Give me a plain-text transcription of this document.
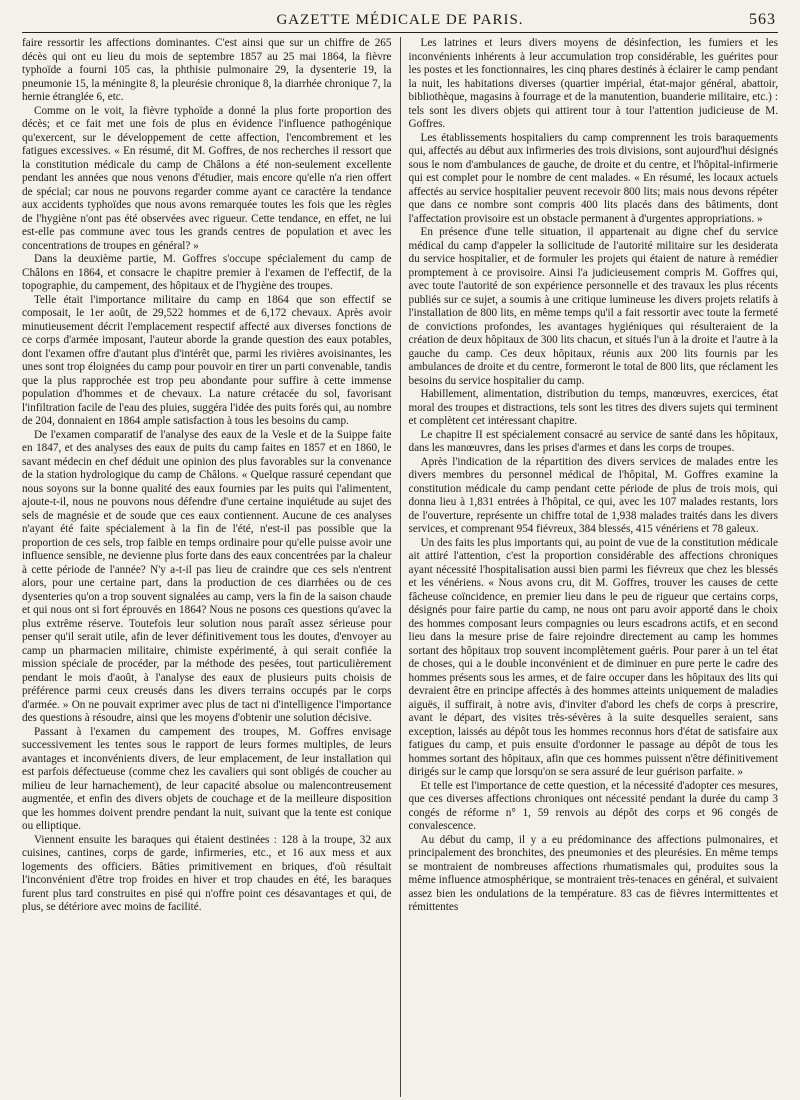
GAZETTE MÉDICALE DE PARIS.	563

faire ressortir les affections dominantes. C'est ainsi que sur un chiffre de 265 décès qui ont eu lieu du mois de septembre 1857 au 25 mai 1864, la fièvre typhoïde a fourni 105 cas, la phthisie pulmonaire 29, la dysenterie 19, la pneumonie 15, la méningite 8, la pleurésie chronique 8, la diarrhée chronique 7, la hernie étranglée 6, etc.

Comme on le voit, la fièvre typhoïde a donné la plus forte proportion des décès; et ce fait met une fois de plus en évidence l'influence pathogénique qu'exercent, sur le développement de cette affection, l'encombrement et les fatigues excessives. « En résumé, dit M. Goffres, de nos recherches il ressort que la constitution médicale du camp de Châlons a été non-seulement excellente pendant les années que nous venons d'étudier, mais encore qu'elle n'a rien offert de spécial; car nous ne pouvons regarder comme ayant ce caractère la tendance aux accidents typhoïdes que nous avons remarquée toutes les fois que les règles de l'hygiène n'ont pas été observées avec rigueur. Cette tendance, en effet, ne lui est-elle pas commune avec tous les grands centres de population et avec les concentrations de troupes en général? »

Dans la deuxième partie, M. Goffres s'occupe spécialement du camp de Châlons en 1864, et consacre le chapitre premier à l'examen de l'effectif, de la topographie, du campement, des hôpitaux et de l'hygiène des troupes.

Telle était l'importance militaire du camp en 1864 que son effectif se composait, le 1er août, de 29,522 hommes et de 6,172 chevaux. Après avoir minutieusement décrit l'emplacement respectif affecté aux diverses fonctions de ce corps d'armée imposant, l'auteur aborde la grande question des eaux potables, dont l'examen offre d'autant plus d'intérêt que, parmi les rivières avoisinantes, les unes sont trop éloignées du camp pour pouvoir en tirer un parti convenable, tandis que la plus rapprochée est trop peu abondante pour suffire à cette immense population d'hommes et de chevaux. La nature crétacée du sol, favorisant l'infiltration facile de l'eau des pluies, suggéra l'idée des puits forés qui, au nombre de 204, donnaient en 1864 ample satisfaction à tous les besoins du camp.

De l'examen comparatif de l'analyse des eaux de la Vesle et de la Suippe faite en 1847, et des analyses des eaux de puits du camp faites en 1857 et en 1860, le savant médecin en chef déduit une opinion des plus favorables sur la convenance de la station hydrologique du camp de Châlons. « Quelque rassuré cependant que nous soyons sur la bonne qualité des eaux fournies par les puits qui l'alimentent, ajoute-t-il, nous ne pouvons nous défendre d'une certaine inquiétude au sujet des sels de magnésie et de soude que ces eaux contiennent. Aucune de ces analyses n'ayant été faite spécialement à la fin de l'été, n'est-il pas possible que la proportion de ces sels, trop faible en temps ordinaire pour qu'elle puisse avoir une influence sensible, ne devienne plus forte dans des eaux concentrées par la chaleur à cette période de l'année? N'y a-t-il pas lieu de craindre que ces sels n'entrent alors, pour une certaine part, dans la production de ces diarrhées ou de ces dysenteries qu'on a trop souvent signalées au camp, vers la fin de la saison chaude et qui nous ont si fort éprouvés en 1864? Nous ne posons ces questions qu'avec la plus extrême réserve. Toutefois leur solution nous paraît assez sérieuse pour penser qu'il serait utile, afin de lever définitivement tous les doutes, d'envoyer au camp un pharmacien militaire, chimiste expérimenté, à qui serait confiée la mission spéciale de procéder, par la méthode des pesées, tout particulièrement pendant le mois d'août, à l'analyse des eaux de plusieurs puits choisis de préférence parmi ceux creusés dans les divers terrains occupés par le corps d'armée. » On ne pouvait exprimer avec plus de tact ni d'intelligence l'importance des questions à résoudre, ainsi que les moyens d'obtenir une solution décisive.

Passant à l'examen du campement des troupes, M. Goffres envisage successivement les tentes sous le rapport de leurs formes multiples, de leurs avantages et inconvénients divers, de leur emplacement, de leur installation qui est parfois défectueuse (comme chez les cavaliers qui sont obligés de coucher au milieu de leur harnachement), de leur capacité absolue ou malencontreusement augmentée, et enfin des divers objets de couchage et de la meilleure disposition que les hommes doivent prendre pendant la nuit, suivant que la tente est conique ou elliptique.

Viennent ensuite les baraques qui étaient destinées : 128 à la troupe, 32 aux cuisines, cantines, corps de garde, infirmeries, etc., et 16 aux mess et aux logements des officiers. Bâties primitivement en briques, d'où résultait l'inconvénient d'être trop froides en hiver et trop chaudes en été, les baraques furent plus tard construites en pisé qui n'offre point ces désavantages et qui, de plus, se détériore avec moins de facilité.

Les latrines et leurs divers moyens de désinfection, les fumiers et les inconvénients inhérents à leur accumulation trop considérable, les guérites pour les postes et les fonctionnaires, les cinq phares destinés à éclairer le camp pendant la nuit, les habitations diverses (quartier impérial, état-major général, abattoir, bibliothèque, magasins à fourrage et de la manutention, buanderie militaire, etc.) : tels sont les divers objets qui attirent tour à tour l'attention judicieuse de M. Goffres.

Les établissements hospitaliers du camp comprennent les trois baraquements qui, affectés au début aux infirmeries des trois divisions, sont aujourd'hui désignés sous le nom d'ambulances de gauche, de droite et du centre, et l'hôpital-infirmerie qui est complet pour le nombre de cent malades. « En résumé, les locaux actuels affectés au service hospitalier peuvent recevoir 800 lits; mais nous devons répéter que dans ce nombre sont compris 400 lits placés dans des bâtiments, dont l'affectation provisoire est un obstacle permanent à d'urgentes appropriations. »

En présence d'une telle situation, il appartenait au digne chef du service médical du camp d'appeler la sollicitude de l'autorité militaire sur les desiderata du service hospitalier, et de formuler les projets qui étaient de nature à remédier promptement à ce provisoire. Ainsi l'a judicieusement compris M. Goffres qui, avec toute l'autorité de son expérience personnelle et des travaux les plus récents publiés sur ce sujet, a soumis à une critique lumineuse les divers projets relatifs à l'installation de 800 lits, en même temps qu'il a fait ressortir avec toute la fermeté de convictions profondes, les avantages hygiéniques qui résulteraient de la création de deux hôpitaux de 300 lits chacun, et situés l'un à la droite et l'autre à la gauche du camp. Ces deux hôpitaux, réunis aux 200 lits fournis par les ambulances de droite et du centre, formeront le total de 800 lits, que réclament les besoins du service hospitalier du camp.

Habillement, alimentation, distribution du temps, manœuvres, exercices, état moral des troupes et distractions, tels sont les titres des divers sujets qui terminent et complètent cet intéressant chapitre.

Le chapitre II est spécialement consacré au service de santé dans les hôpitaux, dans les manœuvres, dans les prises d'armes et dans les corps de troupes.

Après l'indication de la répartition des divers services de malades entre les divers membres du personnel médical de l'hôpital, M. Goffres examine la constitution médicale du camp pendant cette période de plus de trois mois, qui donna lieu à 1,831 entrées à l'hôpital, ce qui, avec les 107 malades restants, lors de l'ouverture, représente un chiffre total de 1,938 malades traités dans les divers services, et comprenant 954 fiévreux, 384 blessés, 415 vénériens et 78 galeux.

Un des faits les plus importants qui, au point de vue de la constitution médicale ait attiré l'attention, c'est la proportion considérable des affections chroniques ayant nécessité l'hospitalisation aussi bien parmi les fiévreux que chez les blessés et les vénériens. « Nous avons cru, dit M. Goffres, trouver les causes de cette fâcheuse coïncidence, en premier lieu dans le peu de rigueur que certains corps, désignés pour faire partie du camp, ne nous ont paru avoir apporté dans le choix des hommes composant leurs compagnies ou leurs escadrons actifs, et en second lieu dans la mesure prise de faire rejoindre directement au camp les hommes sortant des hôpitaux trop souvent incomplètement guéris. Pour parer à un tel état de choses, qui a le double inconvénient et de diminuer en pure perte le cadre des hommes présents sous les armes, et de faire occuper dans les hôpitaux des lits qui devraient être en principe affectés à des hommes atteints uniquement de maladies aiguës, il suffirait, à notre avis, d'inviter d'abord les chefs de corps à prescrire, avant le départ, des visites très-sévères à la suite desquelles seraient, sans exception, laissés au dépôt tous les hommes reconnus hors d'état de satisfaire aux fatigues du camp, et puis ensuite d'ordonner le passage au dépôt de tous les hommes sortant des hôpitaux, afin que ces hommes puissent n'être définitivement dirigés sur le camp que lorsqu'on se sera assuré de leur guérison parfaite. »

Et telle est l'importance de cette question, et la nécessité d'adopter ces mesures, que ces diverses affections chroniques ont nécessité pendant la durée du camp 3 congés de réforme n° 1, 59 renvois au dépôt des corps et 96 congés de convalescence.

Au début du camp, il y a eu prédominance des affections pulmonaires, et principalement des bronchites, des pneumonies et des pleurésies. En même temps se montraient de nombreuses affections rhumatismales qui, produites sous la même influence atmosphérique, se montraient très-tenaces en général, et suivaient assez bien les ondulations de la température. 83 cas de fièvres intermittentes et rémittentes
